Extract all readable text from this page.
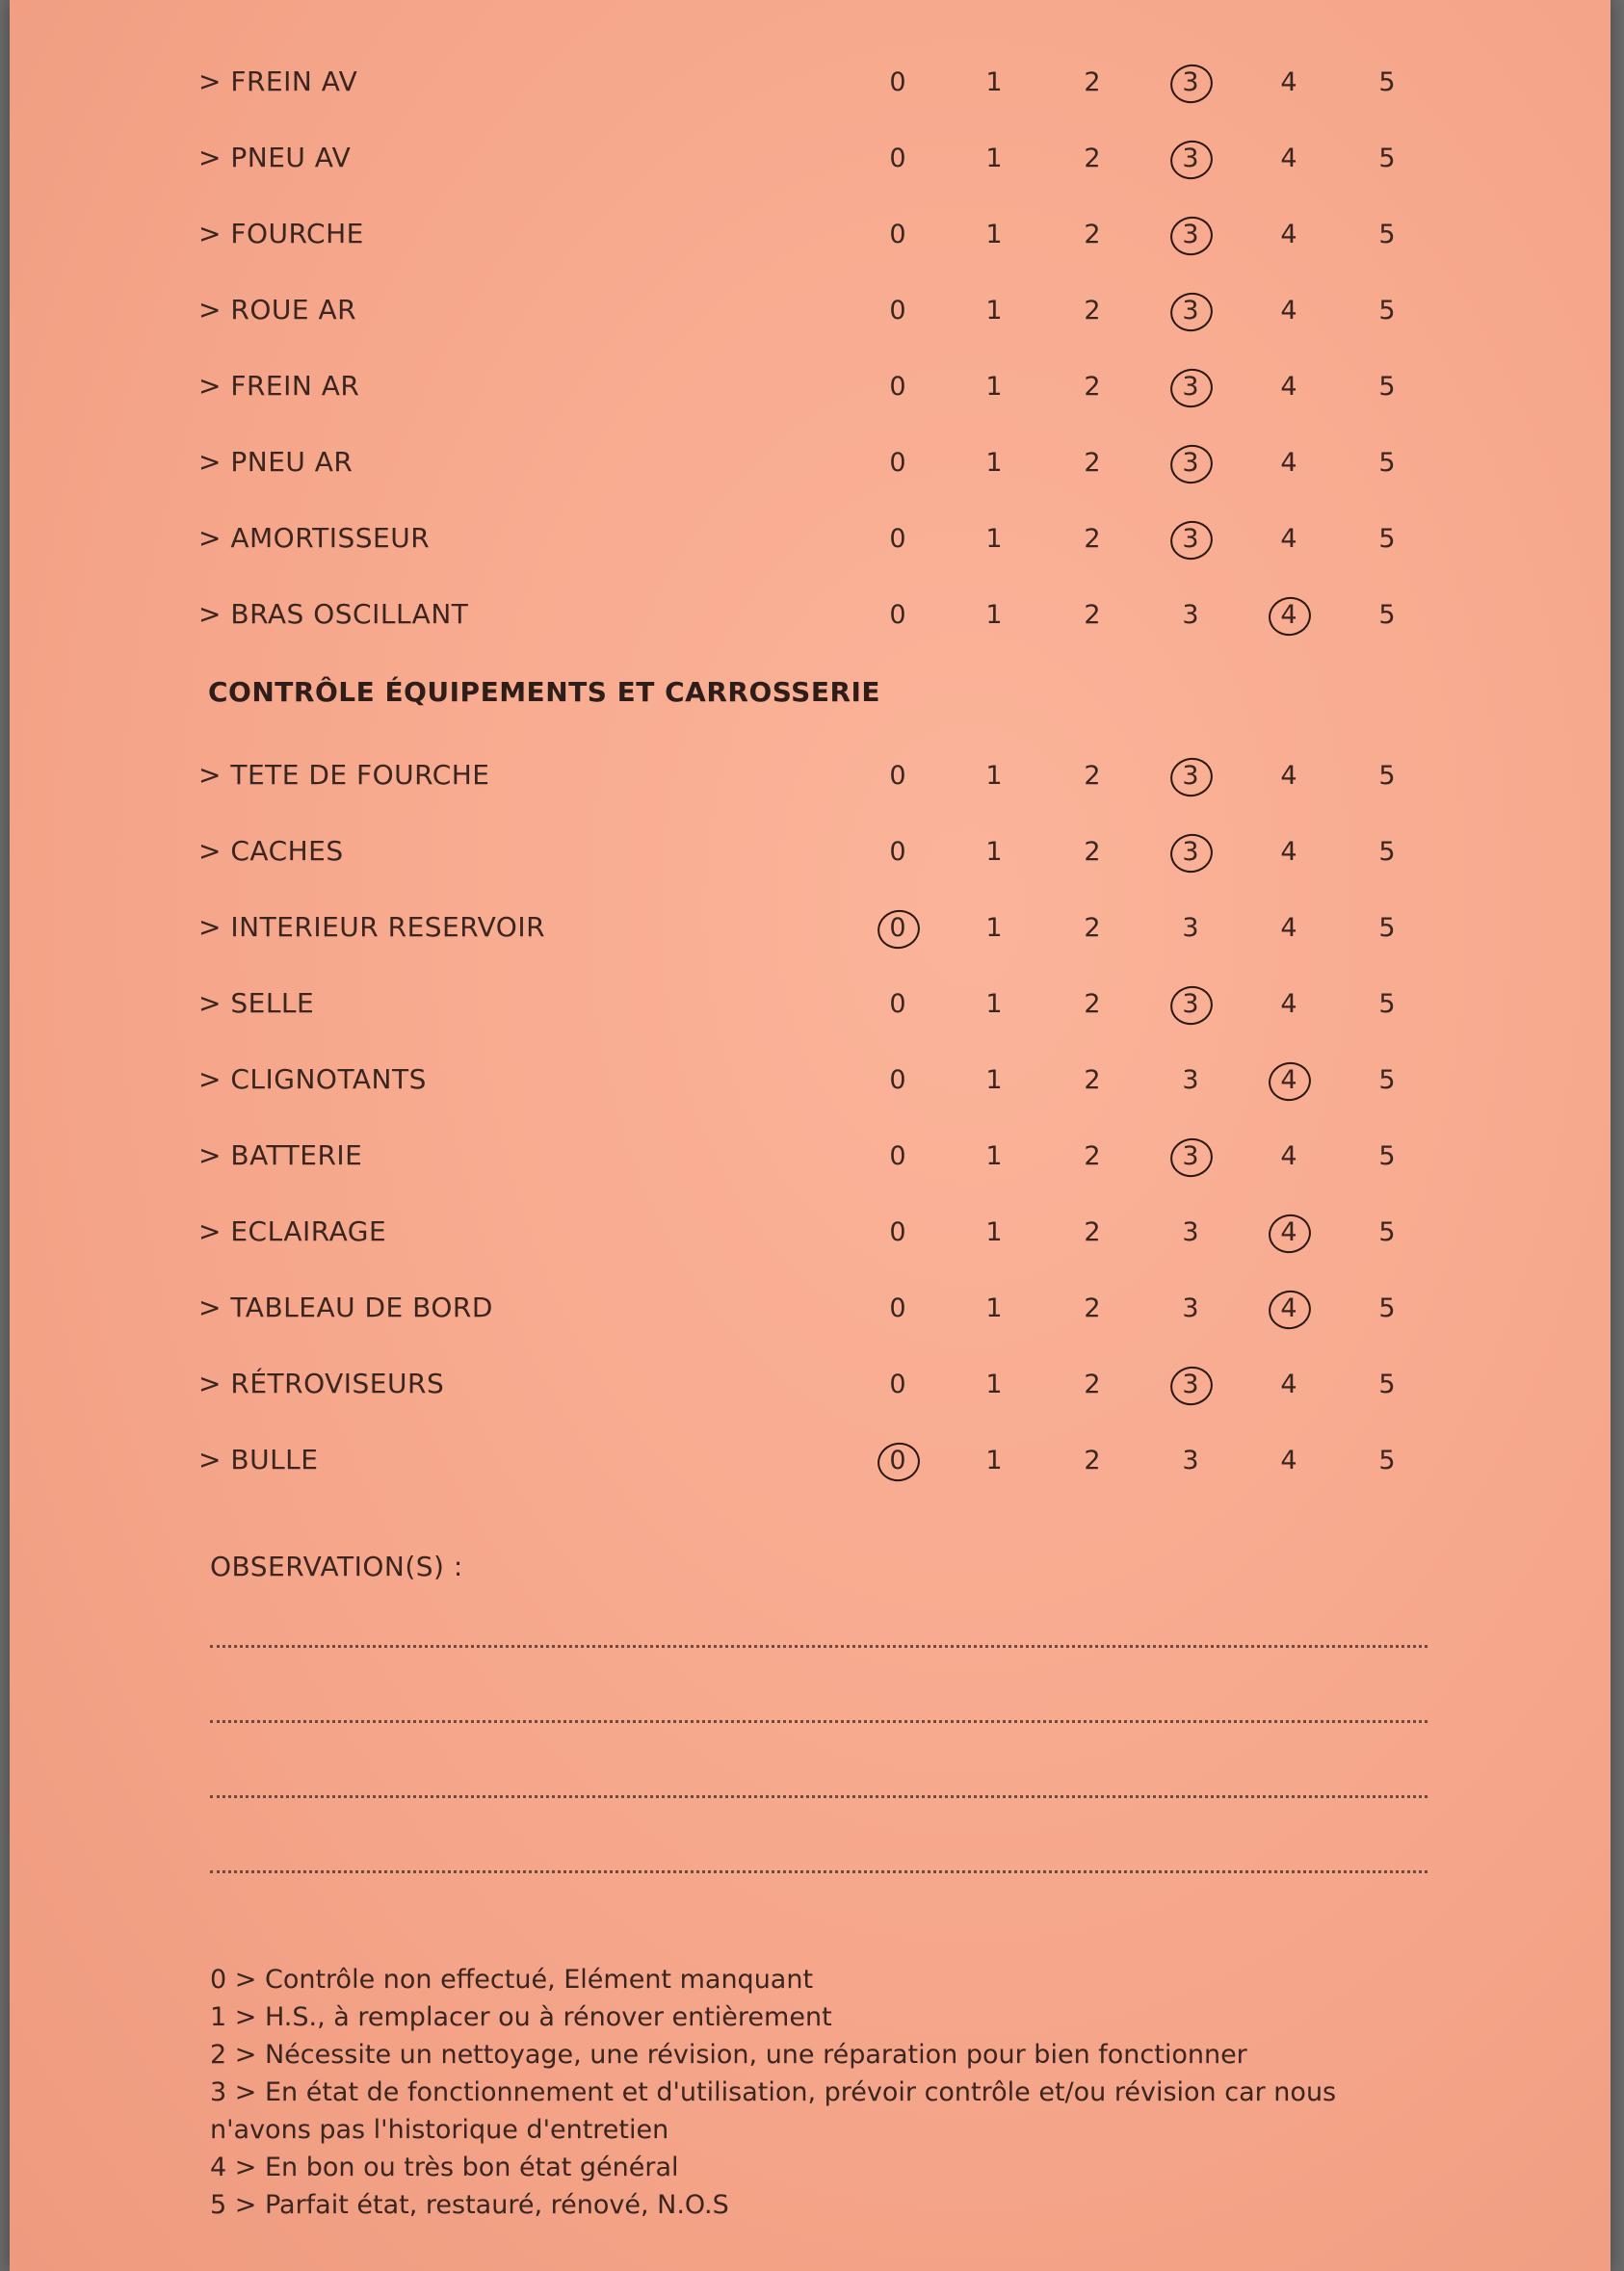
> FREIN AV	0	1	2	3	4	5
> PNEU AV	0	1	2	3	4	5
> FOURCHE	0	1	2	3	4	5
> ROUE AR	0	1	2	3	4	5
> FREIN AR	0	1	2	3	4	5
> PNEU AR	0	1	2	3	4	5
> AMORTISSEUR	0	1	2	3	4	5
> BRAS OSCILLANT	0	1	2	3	4	5
> TETE DE FOURCHE	0	1	2	3	4	5
> CACHES	0	1	2	3	4	5
> INTERIEUR RESERVOIR	0	1	2	3	4	5
> SELLE	0	1	2	3	4	5
> CLIGNOTANTS	0	1	2	3	4	5
> BATTERIE	0	1	2	3	4	5
> ECLAIRAGE	0	1	2	3	4	5
> TABLEAU DE BORD	0	1	2	3	4	5
> RÉTROVISEURS	0	1	2	3	4	5
> BULLE	0	1	2	3	4	5
CONTRÔLE ÉQUIPEMENTS ET CARROSSERIE
OBSERVATION(S) :
0 > Contrôle non effectué, Elément manquant
1 > H.S., à remplacer ou à rénover entièrement
2 > Nécessite un nettoyage, une révision, une réparation pour bien fonctionner
3 > En état de fonctionnement et d'utilisation, prévoir contrôle et/ou révision car nous
n'avons pas l'historique d'entretien
4 > En bon ou très bon état général
5 > Parfait état, restauré, rénové, N.O.S
